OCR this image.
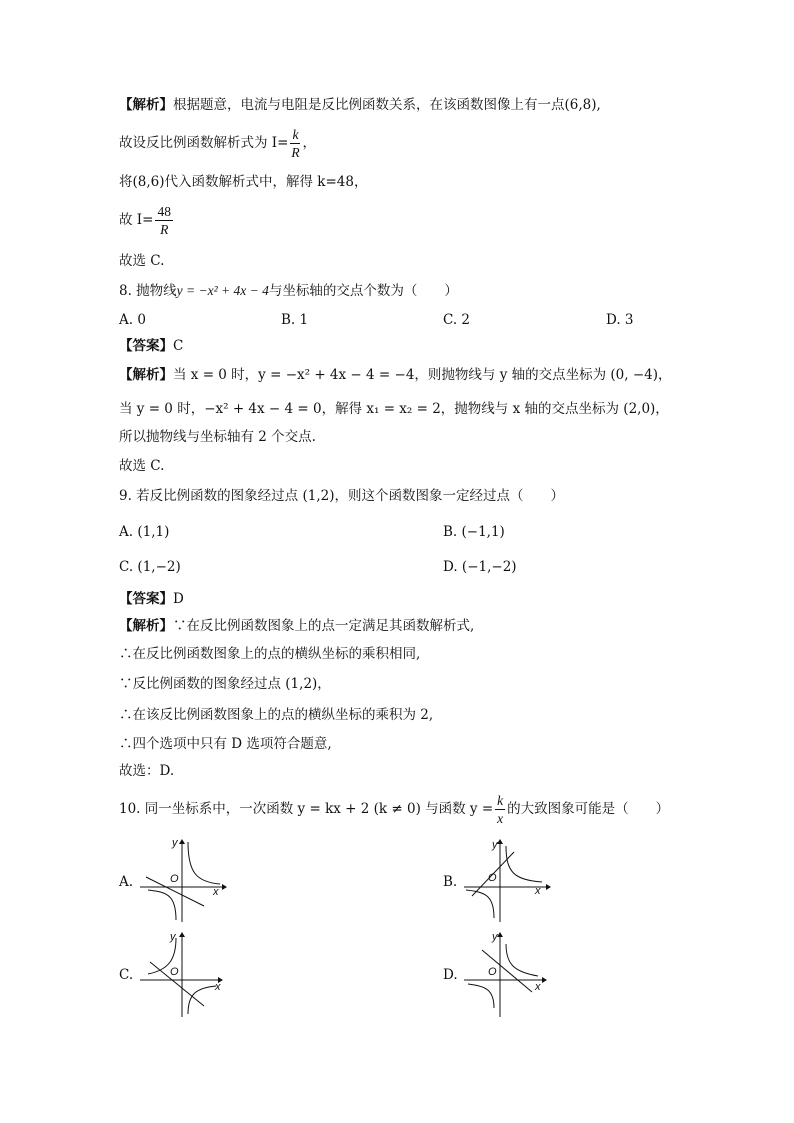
【解析】根据题意，电流与电阻是反比例函数关系，在该函数图像上有一点(6,8),
故设反比例函数解析式为 $I= \frac{k}{R}$ ，
将(8,6)代入函数解析式中，解得 k=48，
故 $I= \frac{48}{R}$
故选 C.
8. 抛物线y = −x² + 4x − 4与坐标轴的交点个数为（　　）
A. 0	B. 1	C. 2	D. 3
【答案】C
【解析】当 x = 0 时，y = −x² + 4x − 4 = −4，则抛物线与 y 轴的交点坐标为 (0, −4)，
当 y = 0 时，−x² + 4x − 4 = 0，解得 x₁ = x₂ = 2，抛物线与 x 轴的交点坐标为 (2,0)，
所以抛物线与坐标轴有 2 个交点.
故选 C.
9. 若反比例函数的图象经过点 (1,2)，则这个函数图象一定经过点（　　）
A. (1,1)	B. (−1,1)
C. (1,−2)	D. (−1,−2)
【答案】D
【解析】∵在反比例函数图象上的点一定满足其函数解析式,
∴在反比例函数图象上的点的横纵坐标的乘积相同,
∵反比例函数的图象经过点 (1,2)，
∴在该反比例函数图象上的点的横纵坐标的乘积为 2,
∴四个选项中只有 D 选项符合题意,
故选：D.
10. 同一坐标系中，一次函数 y = kx + 2 (k ≠ 0) 与函数 $y = \frac{k}{x}$ 的大致图象可能是（　　）
A.	B.
C.	D.
y
O
x
y
O
x
y
O
x
y
O
x
